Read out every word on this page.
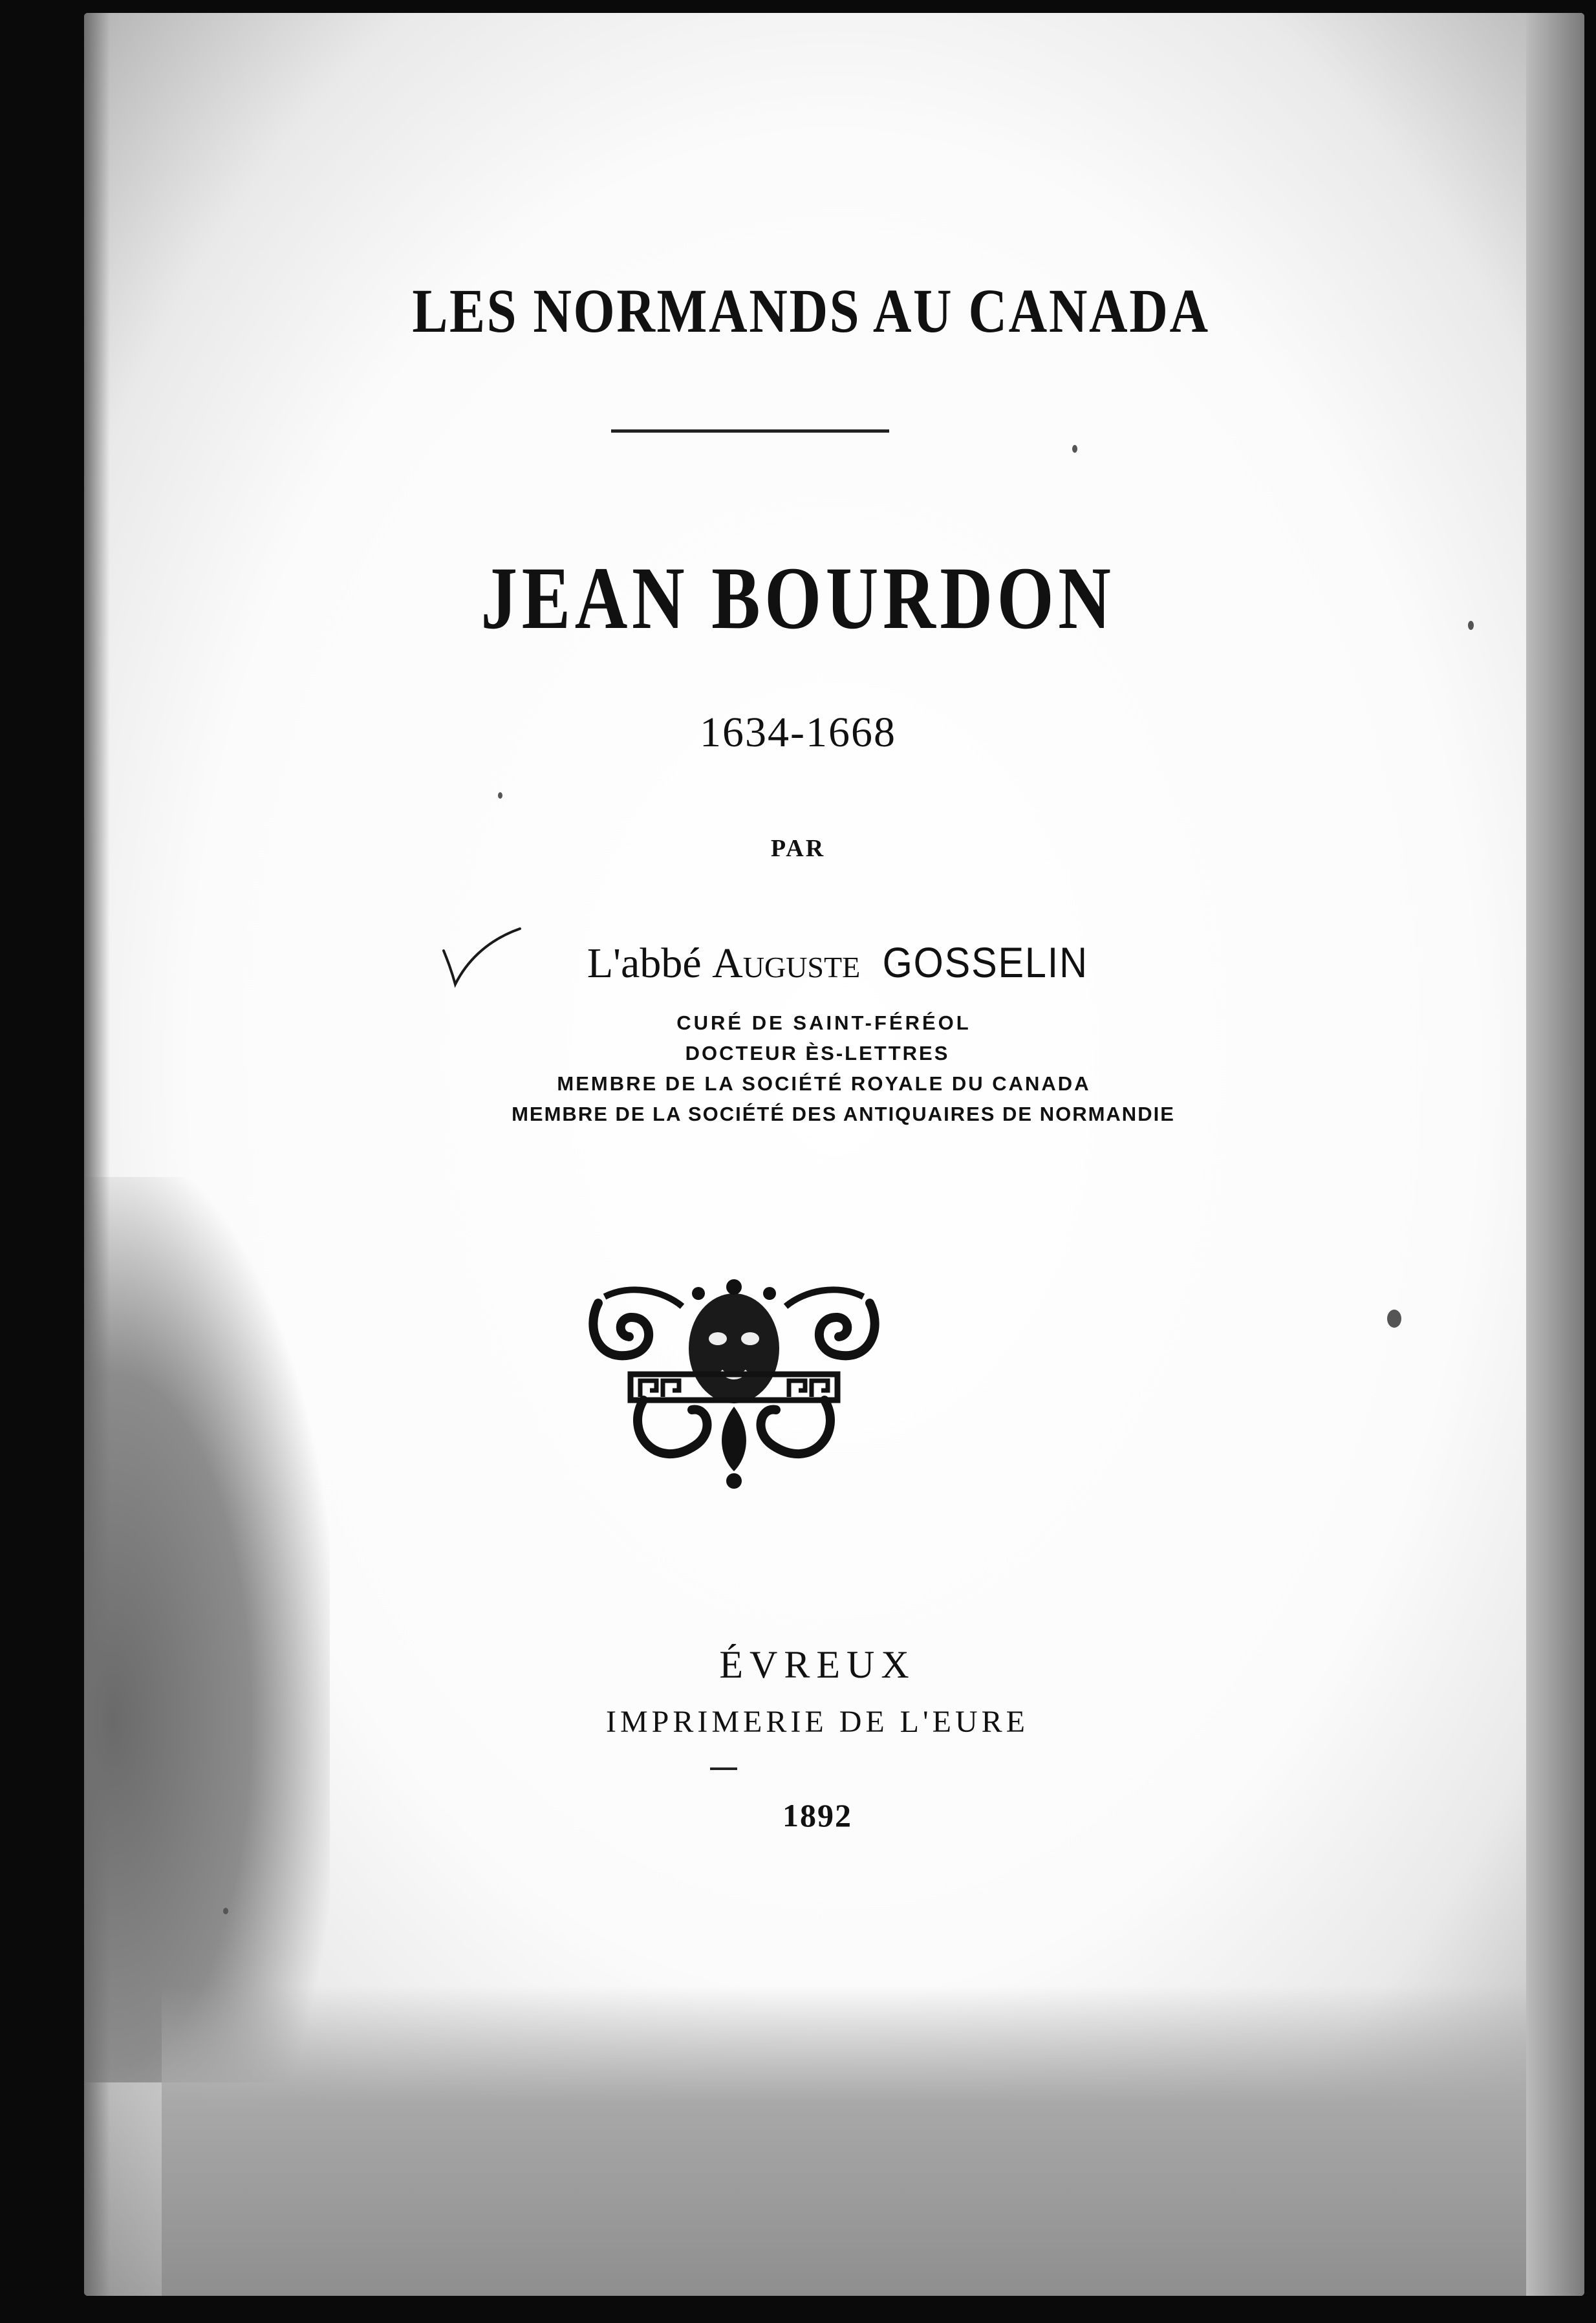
LES NORMANDS AU CANADA
JEAN BOURDON
1634-1668
PAR
L'abbé Auguste GOSSELIN
CURÉ DE SAINT-FÉRÉOL
DOCTEUR ÈS-LETTRES
MEMBRE DE LA SOCIÉTÉ ROYALE DU CANADA
MEMBRE DE LA SOCIÉTÉ DES ANTIQUAIRES DE NORMANDIE
ÉVREUX
IMPRIMERIE DE L'EURE
1892
